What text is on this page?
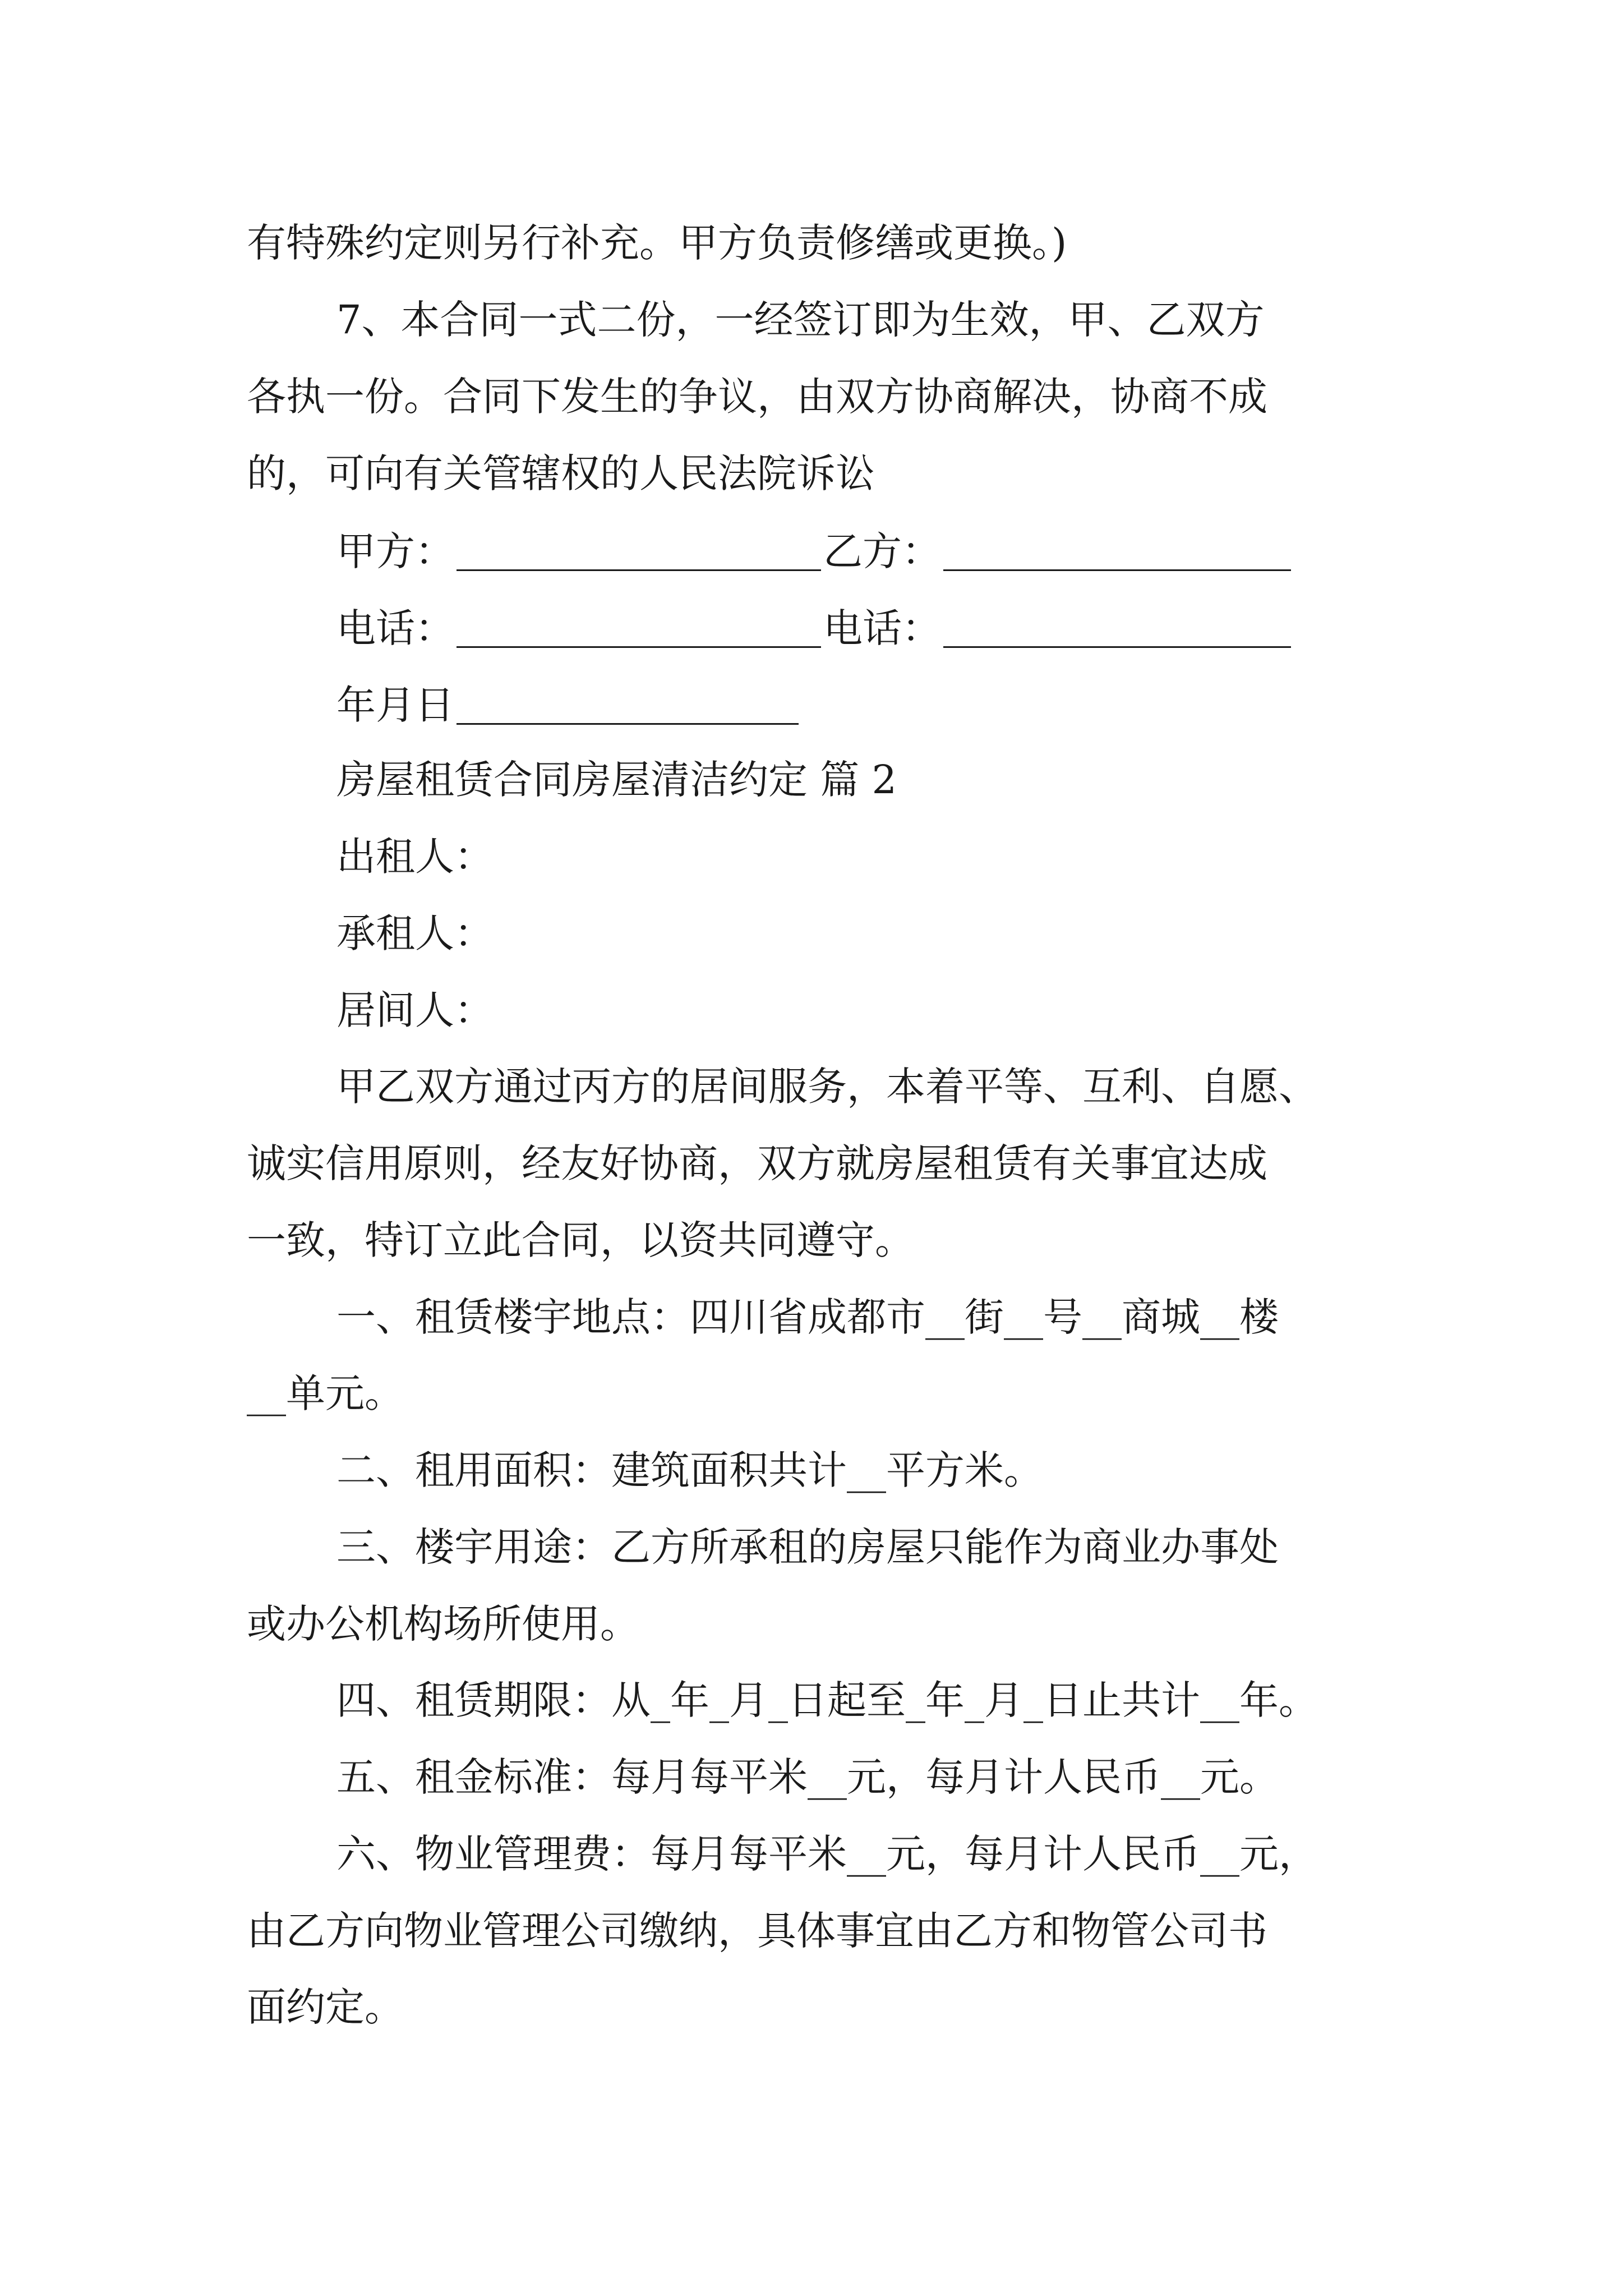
有特殊约定则另行补充。甲方负责修缮或更换。)
7、本合同一式二份，一经签订即为生效，甲、乙双方
各执一份。合同下发生的争议，由双方协商解决，协商不成
的，可向有关管辖权的人民法院诉讼
甲方：	乙方：
电话：	电话：
年月日
房屋租赁合同房屋清洁约定 篇 2
出租人：
承租人：
居间人：
甲乙双方通过丙方的居间服务，本着平等、互利、自愿、
诚实信用原则，经友好协商，双方就房屋租赁有关事宜达成
一致，特订立此合同，以资共同遵守。
一、租赁楼宇地点：四川省成都市__街__号__商城__楼
__单元。
二、租用面积：建筑面积共计__平方米。
三、楼宇用途：乙方所承租的房屋只能作为商业办事处
或办公机构场所使用。
四、租赁期限：从_年_月_日起至_年_月_日止共计__年。
五、租金标准：每月每平米__元，每月计人民币__元。
六、物业管理费：每月每平米__元，每月计人民币__元，
由乙方向物业管理公司缴纳，具体事宜由乙方和物管公司书
面约定。
